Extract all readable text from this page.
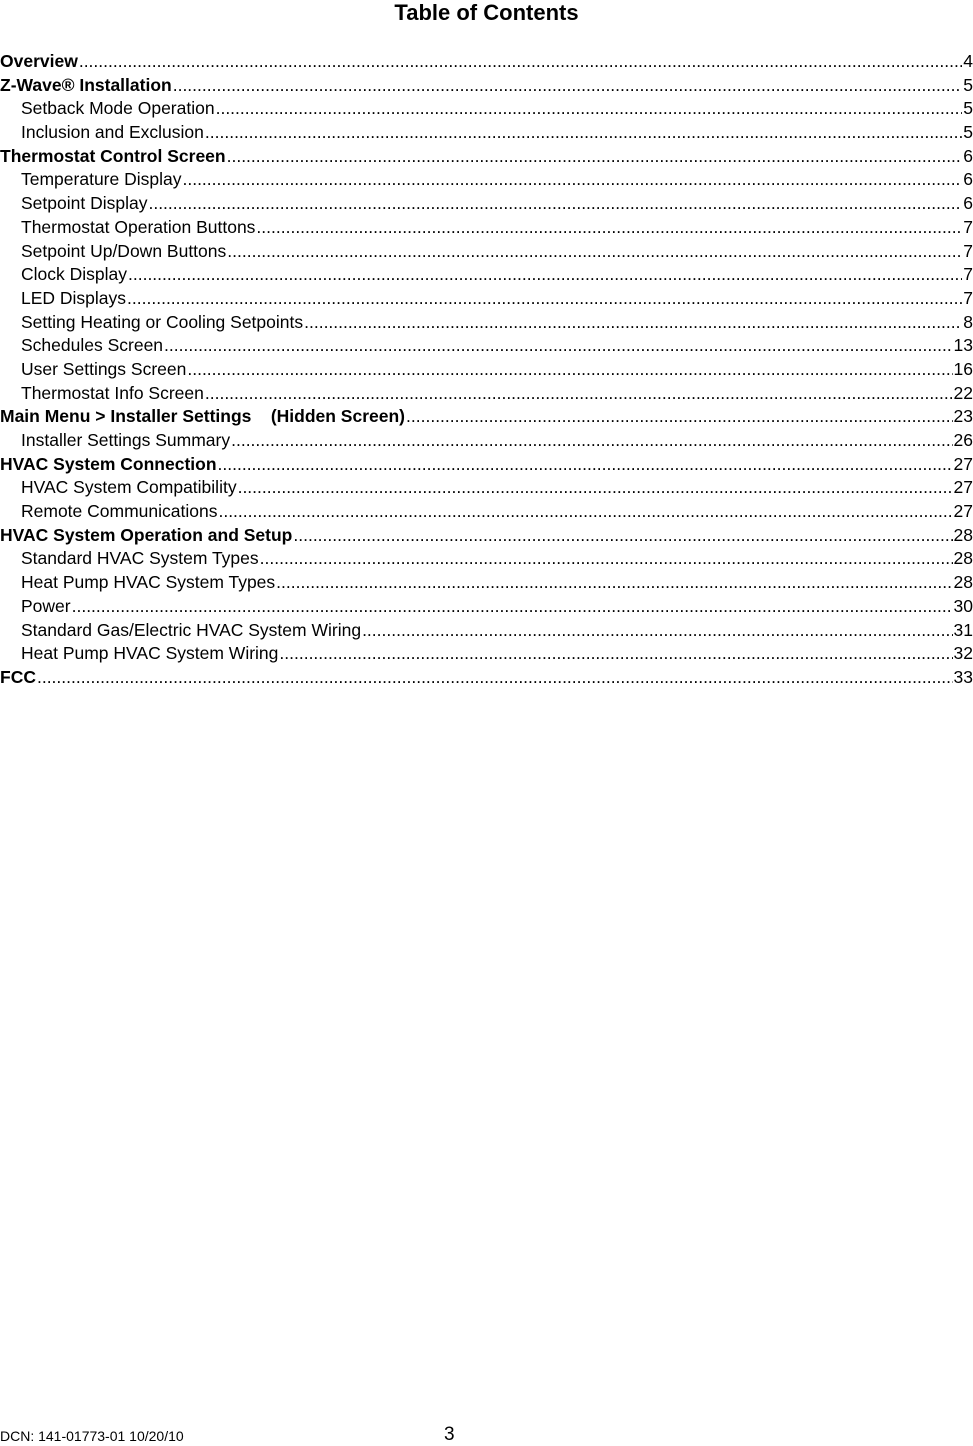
Table of Contents
Overview .....	4
Z-Wave® Installation .....	5
Setback Mode Operation .....	5
Inclusion and Exclusion .....	5
Thermostat Control Screen .....	6
Temperature Display .....	6
Setpoint Display .....	6
Thermostat Operation Buttons .....	7
Setpoint Up/Down Buttons .....	7
Clock Display .....	7
LED Displays .....	7
Setting Heating or Cooling Setpoints .....	8
Schedules Screen .....	13
User Settings Screen .....	16
Thermostat Info Screen .....	22
Main Menu > Installer Settings    (Hidden Screen) .....	23
Installer Settings Summary .....	26
HVAC System Connection .....	27
HVAC System Compatibility .....	27
Remote Communications .....	27
HVAC System Operation and Setup .....	28
Standard HVAC System Types .....	28
Heat Pump HVAC System Types .....	28
Power .....	30
Standard Gas/Electric HVAC System Wiring .....	31
Heat Pump HVAC System Wiring .....	32
FCC .....	33
DCN: 141-01773-01 10/20/10	3
